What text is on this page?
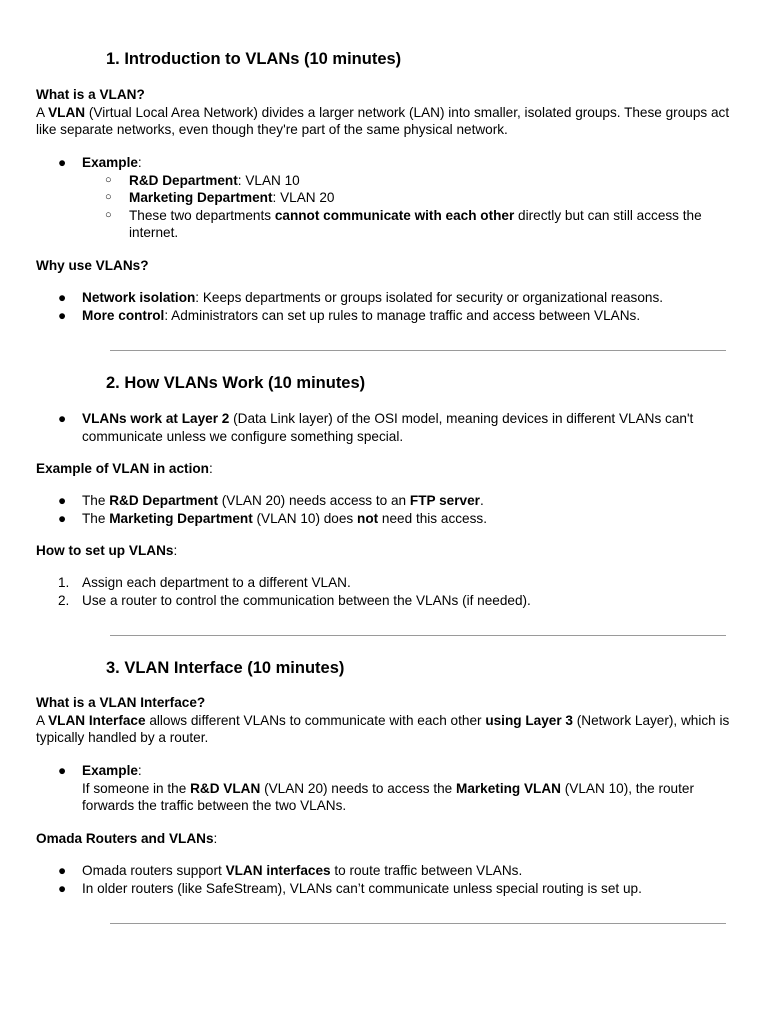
1. Introduction to VLANs (10 minutes)

What is a VLAN?

A VLAN (Virtual Local Area Network) divides a larger network (LAN) into smaller, isolated groups. These groups act like separate networks, even though they're part of the same physical network.

● Example:
○ R&D Department: VLAN 10
○ Marketing Department: VLAN 20
○ These two departments cannot communicate with each other directly but can still access the internet.

Why use VLANs?

● Network isolation: Keeps departments or groups isolated for security or organizational reasons.
● More control: Administrators can set up rules to manage traffic and access between VLANs.
2. How VLANs Work (10 minutes)
● VLANs work at Layer 2 (Data Link layer) of the OSI model, meaning devices in different VLANs can't communicate unless we configure something special.

Example of VLAN in action:

● The R&D Department (VLAN 20) needs access to an FTP server.
● The Marketing Department (VLAN 10) does not need this access.

How to set up VLANs:

1. Assign each department to a different VLAN.
2. Use a router to control the communication between the VLANs (if needed).
3. VLAN Interface (10 minutes)

What is a VLAN Interface?

A VLAN Interface allows different VLANs to communicate with each other using Layer 3 (Network Layer), which is typically handled by a router.

● Example:
If someone in the R&D VLAN (VLAN 20) needs to access the Marketing VLAN (VLAN 10), the router forwards the traffic between the two VLANs.

Omada Routers and VLANs:

● Omada routers support VLAN interfaces to route traffic between VLANs.
● In older routers (like SafeStream), VLANs can’t communicate unless special routing is set up.
